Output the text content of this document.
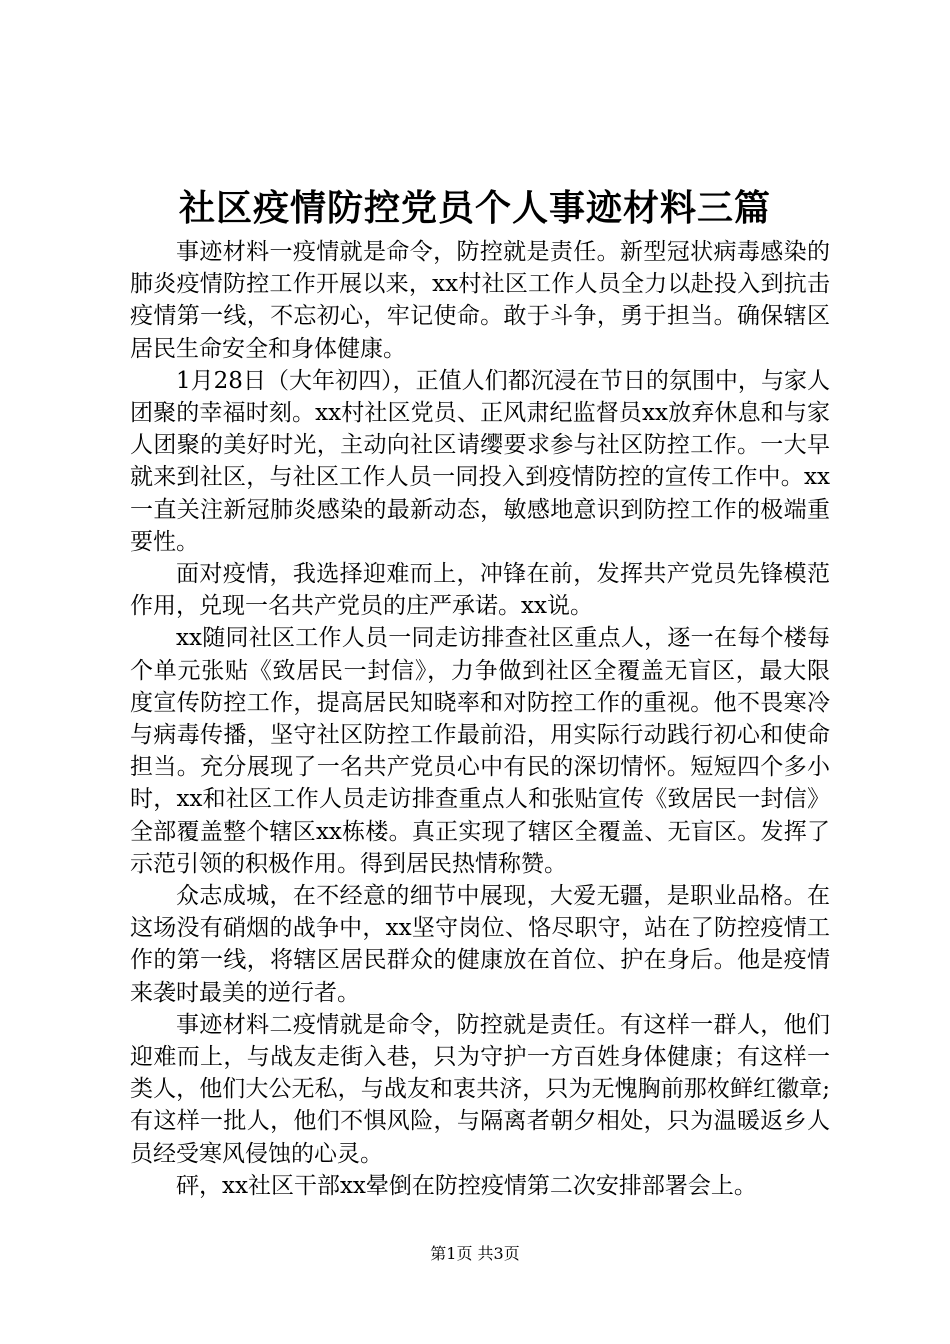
社区疫情防控党员个人事迹材料三篇

事迹材料一疫情就是命令，防控就是责任。新型冠状病毒感染的肺炎疫情防控工作开展以来，xx村社区工作人员全力以赴投入到抗击疫情第一线，不忘初心，牢记使命。敢于斗争，勇于担当。确保辖区居民生命安全和身体健康。

1月28日（大年初四），正值人们都沉浸在节日的氛围中，与家人团聚的幸福时刻。xx村社区党员、正风肃纪监督员xx放弃休息和与家人团聚的美好时光，主动向社区请缨要求参与社区防控工作。一大早就来到社区，与社区工作人员一同投入到疫情防控的宣传工作中。xx一直关注新冠肺炎感染的最新动态，敏感地意识到防控工作的极端重要性。

面对疫情，我选择迎难而上，冲锋在前，发挥共产党员先锋模范作用，兑现一名共产党员的庄严承诺。xx说。

xx随同社区工作人员一同走访排查社区重点人，逐一在每个楼每个单元张贴《致居民一封信》，力争做到社区全覆盖无盲区，最大限度宣传防控工作，提高居民知晓率和对防控工作的重视。他不畏寒冷与病毒传播，坚守社区防控工作最前沿，用实际行动践行初心和使命担当。充分展现了一名共产党员心中有民的深切情怀。短短四个多小时，xx和社区工作人员走访排查重点人和张贴宣传《致居民一封信》全部覆盖整个辖区xx栋楼。真正实现了辖区全覆盖、无盲区。发挥了示范引领的积极作用。得到居民热情称赞。

众志成城，在不经意的细节中展现，大爱无疆，是职业品格。在这场没有硝烟的战争中，xx坚守岗位、恪尽职守，站在了防控疫情工作的第一线，将辖区居民群众的健康放在首位、护在身后。他是疫情来袭时最美的逆行者。

事迹材料二疫情就是命令，防控就是责任。有这样一群人，他们迎难而上，与战友走街入巷，只为守护一方百姓身体健康；有这样一类人，他们大公无私，与战友和衷共济，只为无愧胸前那枚鲜红徽章;有这样一批人，他们不惧风险，与隔离者朝夕相处，只为温暖返乡人员经受寒风侵蚀的心灵。

砰，xx社区干部xx晕倒在防控疫情第二次安排部署会上。

第1页 共3页
